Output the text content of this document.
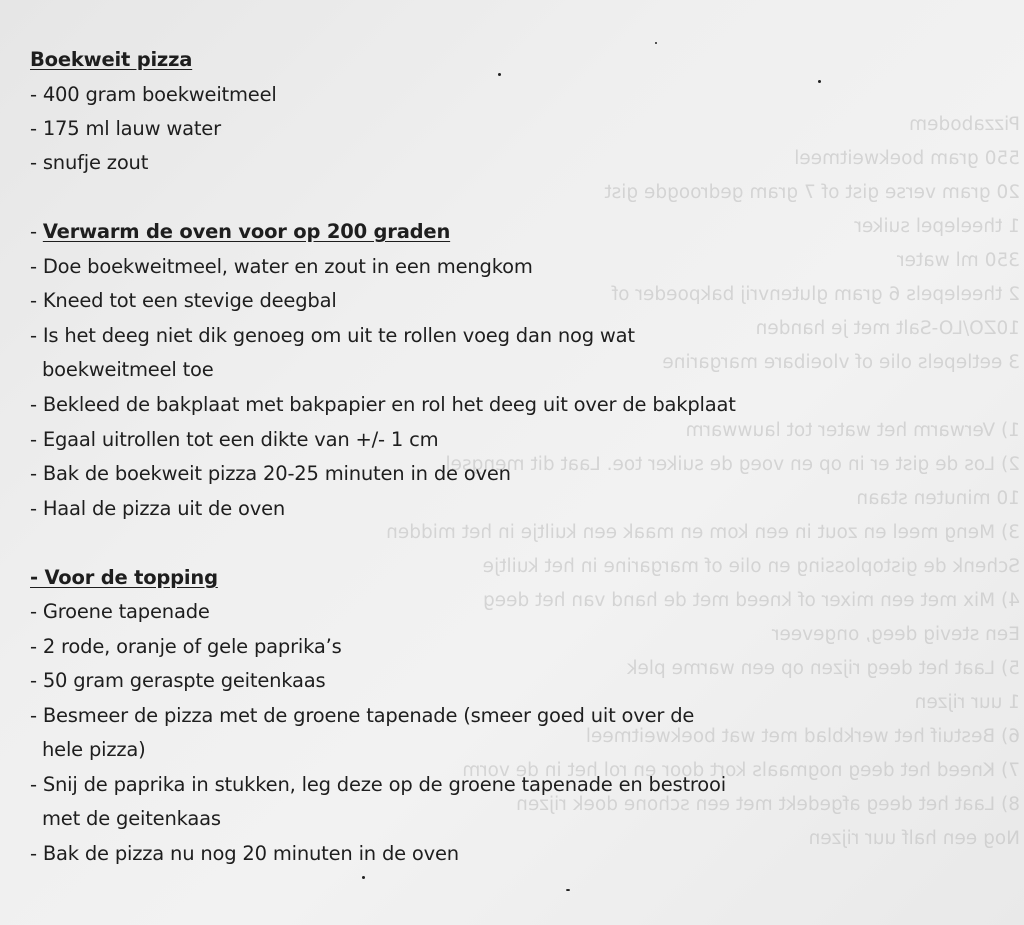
Pizzabodem
550 gram boekweitmeel
20 gram verse gist of 7 gram gedroogde gist
1 theelepel suiker
350 ml water
2 theelepels 6 gram glutenvrij bakpoeder of
10ZO/LO-Salt met je handen
3 eetlepels olie of vloeibare margarine

1) Verwarm het water tot lauwwarm
2) Los de gist er in op en voeg de suiker toe. Laat dit mengsel
10 minuten staan
3) Meng meel en zout in een kom en maak een kuiltje in het midden
Schenk de gistoplossing en olie of margarine in het kuiltje
4) Mix met een mixer of kneed met de hand van het deeg
Een stevig deeg, ongeveer
5) Laat het deeg rijzen op een warme plek
1 uur rijzen
6) Bestuif het werkblad met wat boekweitmeel
7) Kneed het deeg nogmaals kort door en rol het in de vorm
8) Laat het deeg afgedekt met een schone doek rijzen
Nog een half uur rijzen
Boekweit pizza
- 400 gram boekweitmeel
- 175 ml lauw water
- snufje zout
- Verwarm de oven voor op 200 graden
- Doe boekweitmeel, water en zout in een mengkom
- Kneed tot een stevige deegbal
- Is het deeg niet dik genoeg om uit te rollen voeg dan nog wat
boekweitmeel toe
- Bekleed de bakplaat met bakpapier en rol het deeg uit over de bakplaat
- Egaal uitrollen tot een dikte van +/- 1 cm
- Bak de boekweit pizza 20-25 minuten in de oven
- Haal de pizza uit de oven
- Voor de topping
- Groene tapenade
- 2 rode, oranje of gele paprika’s
- 50 gram geraspte geitenkaas
- Besmeer de pizza met de groene tapenade (smeer goed uit over de
hele pizza)
- Snij de paprika in stukken, leg deze op de groene tapenade en bestrooi
met de geitenkaas
- Bak de pizza nu nog 20 minuten in de oven
